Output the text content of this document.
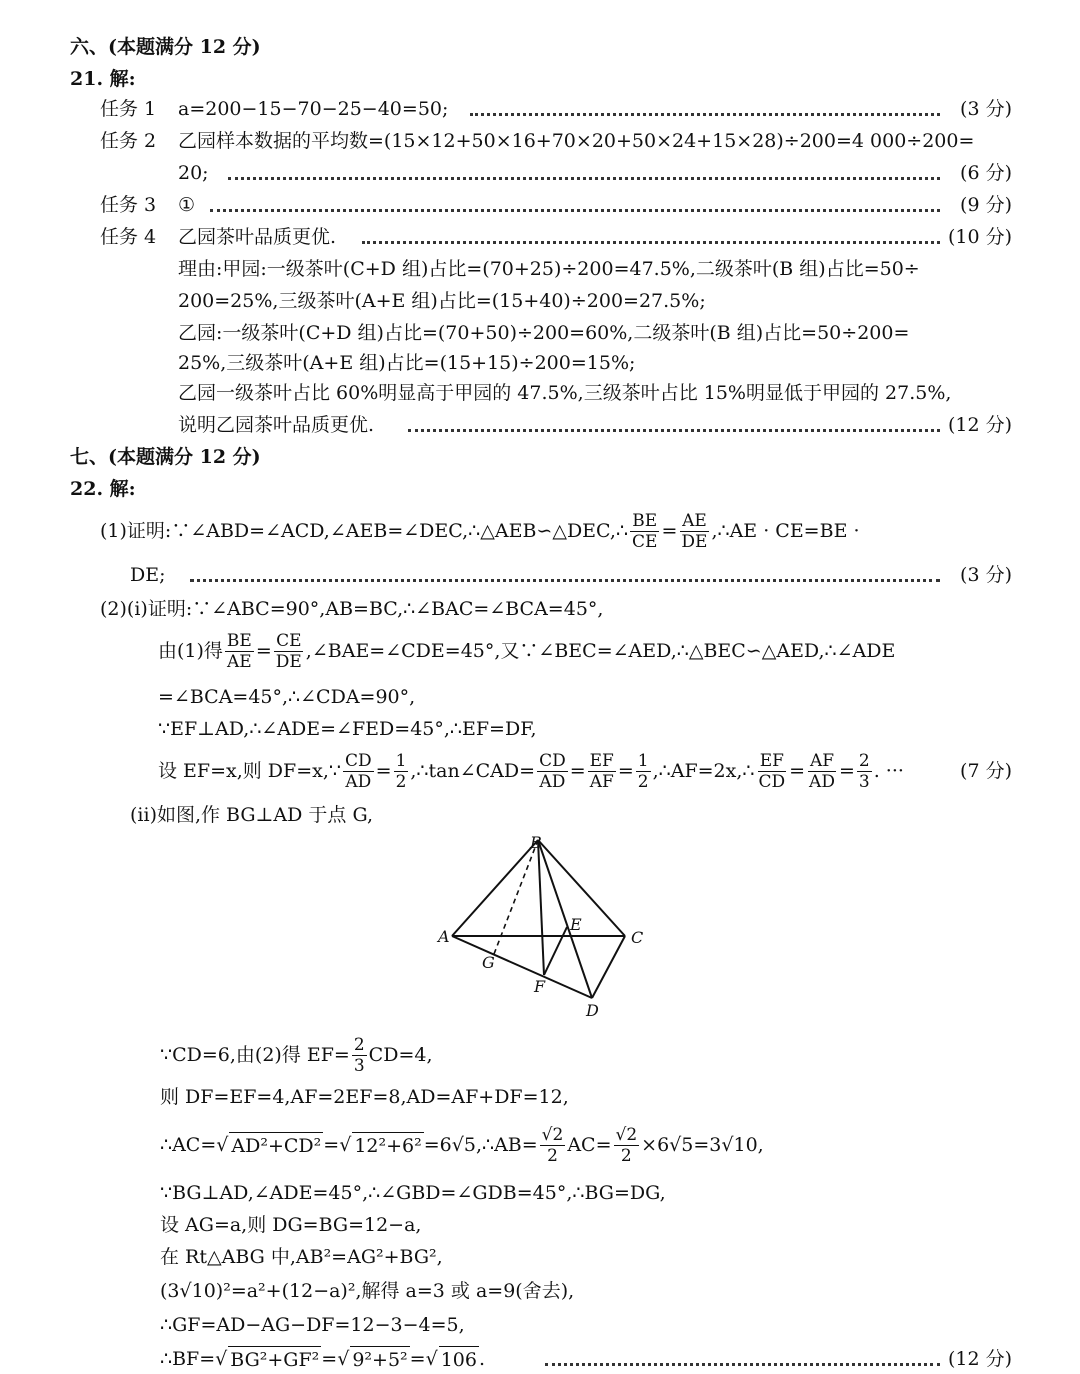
六、(本题满分 12 分)
21. 解:
任务 1 a=200−15−70−25−40=50;	(3 分)
任务 2 乙园样本数据的平均数=(15×12+50×16+70×20+50×24+15×28)÷200=4 000÷200=
20;	(6 分)
任务 3 ①	(9 分)
任务 4 乙园茶叶品质更优.	(10 分)
理由:甲园:一级茶叶(C+D 组)占比=(70+25)÷200=47.5%,二级茶叶(B 组)占比=50÷
200=25%,三级茶叶(A+E 组)占比=(15+40)÷200=27.5%;
乙园:一级茶叶(C+D 组)占比=(70+50)÷200=60%,二级茶叶(B 组)占比=50÷200=
25%,三级茶叶(A+E 组)占比=(15+15)÷200=15%;
乙园一级茶叶占比 60%明显高于甲园的 47.5%,三级茶叶占比 15%明显低于甲园的 27.5%,
说明乙园茶叶品质更优.	(12 分)
七、(本题满分 12 分)
22. 解:
(1)证明:∵∠ABD=∠ACD,∠AEB=∠DEC,∴△AEB∽△DEC,∴ $\frac{BE}{CE} = \frac{AE}{DE}$ ,∴AE · CE=BE ·
DE;	(3 分)
(2)(i)证明:∵∠ABC=90°,AB=BC,∴∠BAC=∠BCA=45°,
由(1)得 $\frac{BE}{AE} = \frac{CE}{DE}$ ,∠BAE=∠CDE=45°,又∵∠BEC=∠AED,∴△BEC∽△AED,∴∠ADE
=∠BCA=45°,∴∠CDA=90°,
∵EF⊥AD,∴∠ADE=∠FED=45°,∴EF=DF,
设 EF=x,则 DF=x,∵ $\frac{CD}{AD} = \frac{1}{2}$ ,∴tan∠CAD= $\frac{CD}{AD} = \frac{EF}{AF} = \frac{1}{2}$ ,∴AF=2x,∴ $\frac{EF}{CD} = \frac{AF}{AD} = \frac{2}{3}$ . ···	(7 分)
(ii)如图,作 BG⊥AD 于点 G,
B
A	C
E
G
F
D
∵CD=6,由(2)得 $EF= \frac{2}{3} CD=4$,
则 DF=EF=4,AF=2EF=8,AD=AF+DF=12,
∴AC= √ AD²+CD² = √ 12²+6² =6√5,∴AB= $\frac{√2}{2} AC= \frac{√2}{2} \times 6√5=3√10$,
∵BG⊥AD,∠ADE=45°,∴∠GBD=∠GDB=45°,∴BG=DG,
设 AG=a,则 DG=BG=12−a,
在 Rt△ABG 中,AB²=AG²+BG²,
(3√10)²=a²+(12−a)²,解得 a=3 或 a=9(舍去),
∴GF=AD−AG−DF=12−3−4=5,
∴BF= √ BG²+GF² = √ 9²+5² = √ 106 .	(12 分)
